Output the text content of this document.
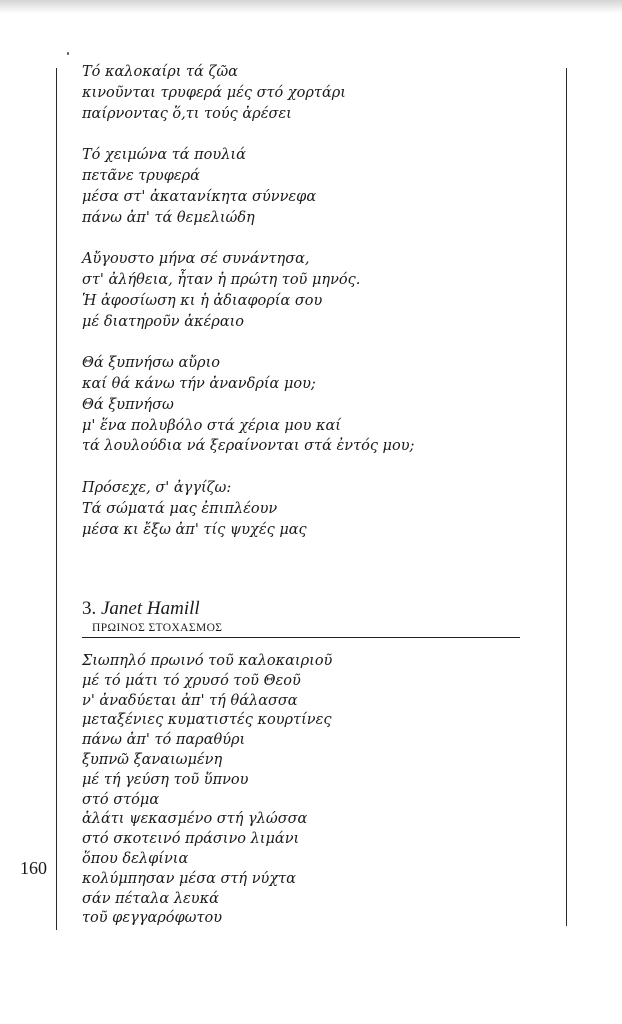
160
Τό καλοκαίρι τά ζῶα
κινοῦνται τρυφερά μές στό χορτάρι
παίρνοντας ὅ,τι τούς ἀρέσει
Τό χειμώνα τά πουλιά
πετᾶνε τρυφερά
μέσα στ' ἀκατανίκητα σύννεφα
πάνω ἀπ' τά θεμελιώδη
Αὔγουστο μήνα σέ συνάντησα,
στ' ἀλήθεια, ἦταν ἡ πρώτη τοῦ μηνός.
Ἡ ἀφοσίωση κι ἡ ἀδιαφορία σου
μέ διατηροῦν ἀκέραιο
Θά ξυπνήσω αὔριο
καί θά κάνω τήν ἀνανδρία μου;
Θά ξυπνήσω
μ' ἕνα πολυβόλο στά χέρια μου καί
τά λουλούδια νά ξεραίνονται στά ἐντός μου;
Πρόσεχε, σ' ἀγγίζω:
Τά σώματά μας ἐπιπλέουν
μέσα κι ἔξω ἀπ' τίς ψυχές μας
3. Janet Hamill
ΠΡΩΙΝΟΣ ΣΤΟΧΑΣΜΟΣ
Σιωπηλό πρωινό τοῦ καλοκαιριοῦ
μέ τό μάτι τό χρυσό τοῦ Θεοῦ
ν' ἀναδύεται ἀπ' τή θάλασσα
μεταξένιες κυματιστές κουρτίνες
πάνω ἀπ' τό παραθύρι
ξυπνῶ ξαναιωμένη
μέ τή γεύση τοῦ ὕπνου
στό στόμα
ἁλάτι ψεκασμένο στή γλώσσα
στό σκοτεινό πράσινο λιμάνι
ὅπου δελφίνια
κολύμπησαν μέσα στή νύχτα
σάν πέταλα λευκά
τοῦ φεγγαρόφωτου
